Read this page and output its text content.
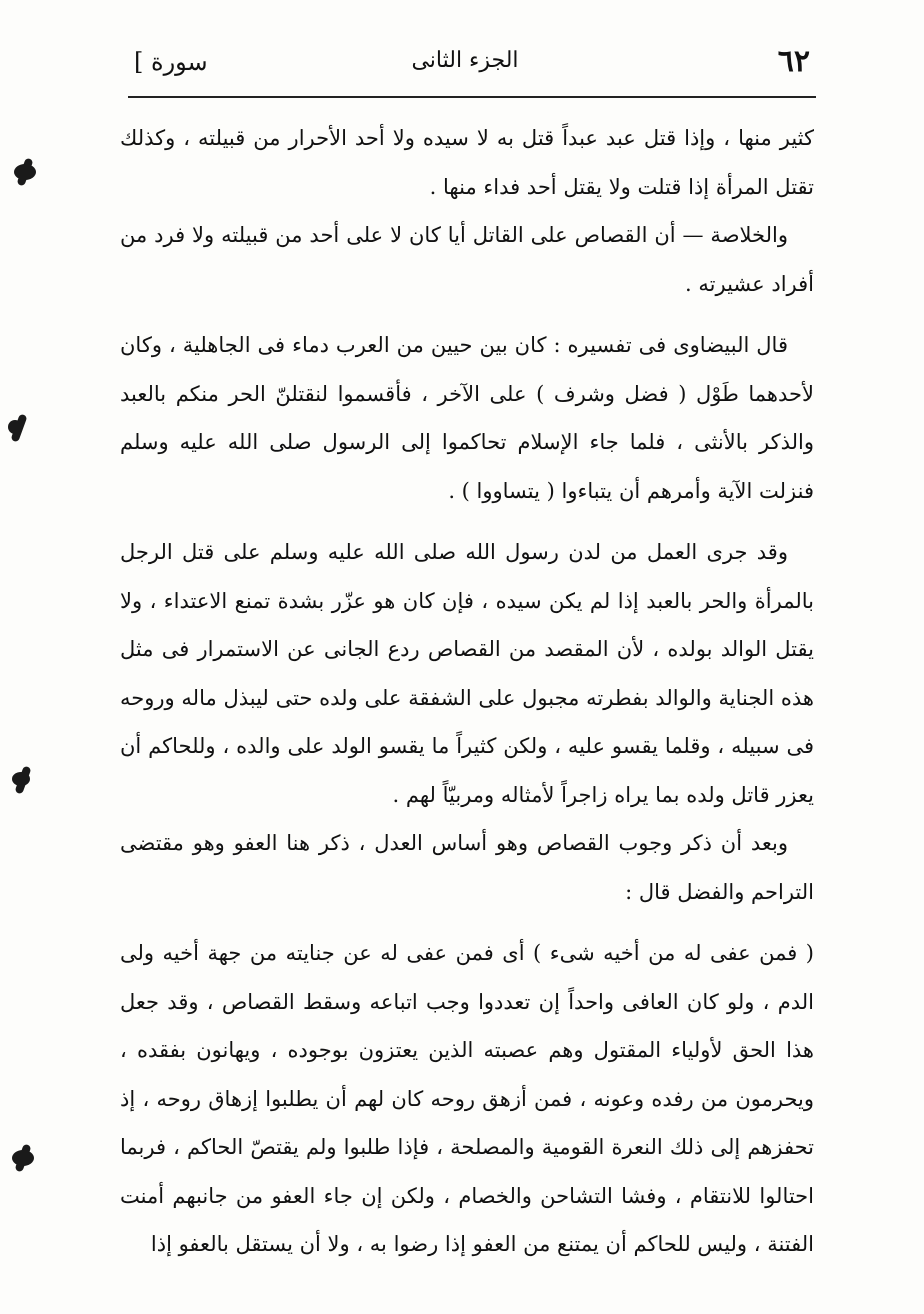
٦٢
الجزء الثانى
سورة ]

كثير منها ، وإذا قتل عبد عبداً قتل به لا سيده ولا أحد الأحرار من قبيلته ، وكذلك تقتل المرأة إذا قتلت ولا يقتل أحد فداء منها .

والخلاصة — أن القصاص على القاتل أيا كان لا على أحد من قبيلته ولا فرد من أفراد عشيرته .

قال البيضاوى فى تفسيره : كان بين حيين من العرب دماء فى الجاهلية ، وكان لأحدهما طَوْل ( فضل وشرف ) على الآخر ، فأقسموا لنقتلنّ الحر منكم بالعبد والذكر بالأنثى ، فلما جاء الإسلام تحاكموا إلى الرسول صلى الله عليه وسلم فنزلت الآية وأمرهم أن يتباءوا ( يتساووا ) .

وقد جرى العمل من لدن رسول الله صلى الله عليه وسلم على قتل الرجل بالمرأة والحر بالعبد إذا لم يكن سيده ، فإن كان هو عزّر بشدة تمنع الاعتداء ، ولا يقتل الوالد بولده ، لأن المقصد من القصاص ردع الجانى عن الاستمرار فى مثل هذه الجناية والوالد بفطرته مجبول على الشفقة على ولده حتى ليبذل ماله وروحه فى سبيله ، وقلما يقسو عليه ، ولكن كثيراً ما يقسو الولد على والده ، وللحاكم أن يعزر قاتل ولده بما يراه زاجراً لأمثاله ومربيّاً لهم .

وبعد أن ذكر وجوب القصاص وهو أساس العدل ، ذكر هنا العفو وهو مقتضى التراحم والفضل قال :

( فمن عفى له من أخيه شىء ) أى فمن عفى له عن جنايته من جهة أخيه ولى الدم ، ولو كان العافى واحداً إن تعددوا وجب اتباعه وسقط القصاص ، وقد جعل هذا الحق لأولياء المقتول وهم عصبته الذين يعتزون بوجوده ، ويهانون بفقده ، ويحرمون من رفده وعونه ، فمن أزهق روحه كان لهم أن يطلبوا إزهاق روحه ، إذ تحفزهم إلى ذلك النعرة القومية والمصلحة ، فإذا طلبوا ولم يقتصّ الحاكم ، فربما احتالوا للانتقام ، وفشا التشاحن والخصام ، ولكن إن جاء العفو من جانبهم أمنت الفتنة ، وليس للحاكم أن يمتنع من العفو إذا رضوا به ، ولا أن يستقل بالعفو إذا
